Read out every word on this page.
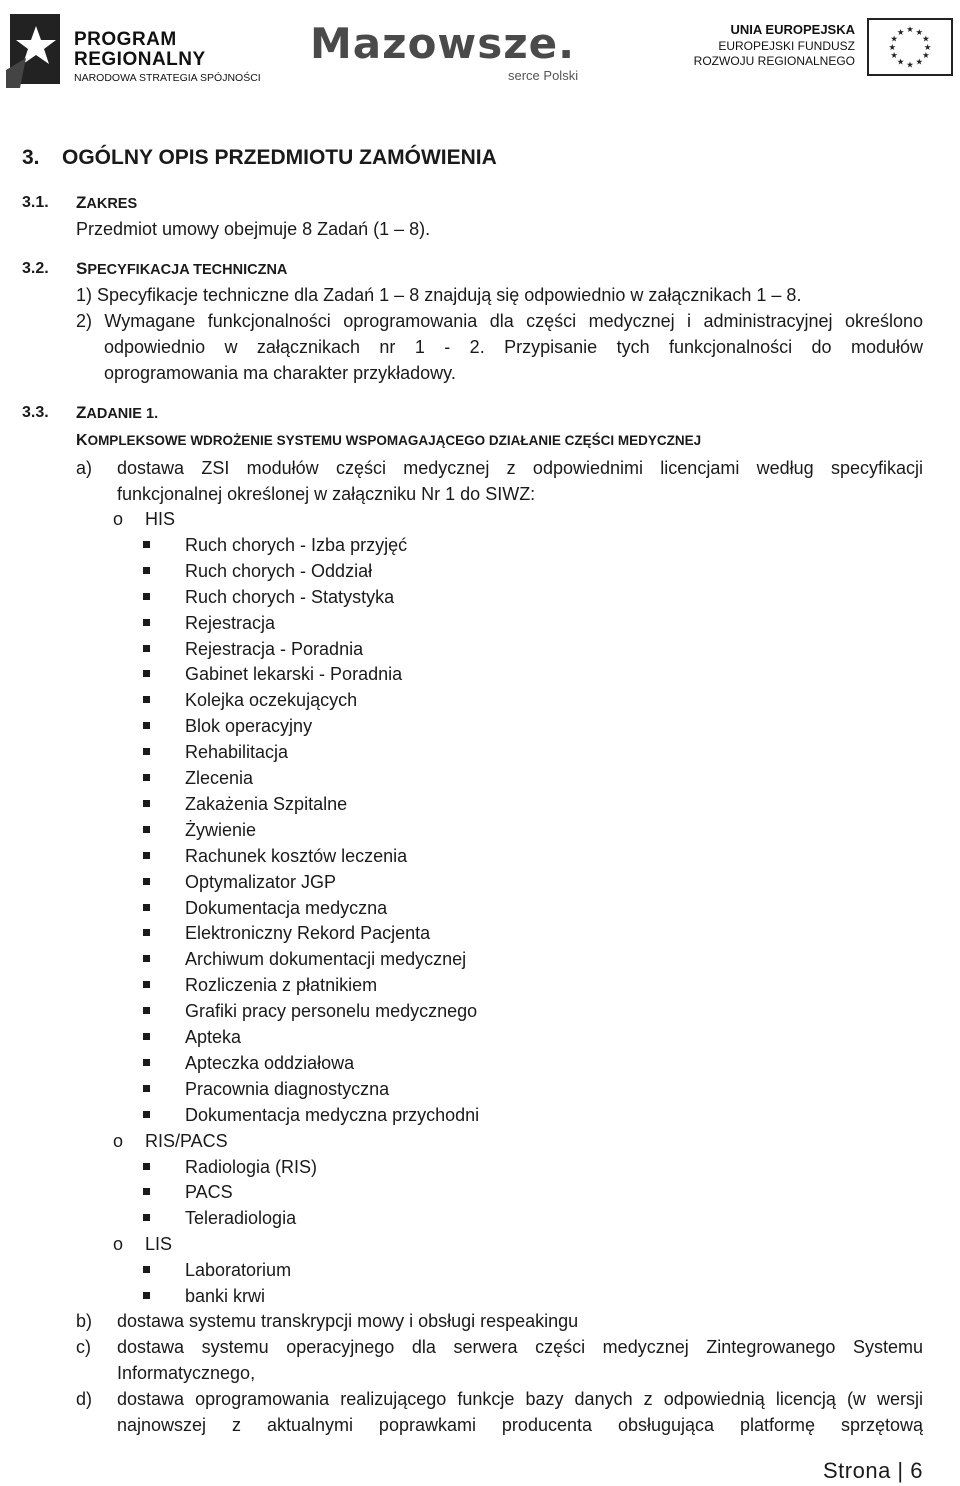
PROGRAM
REGIONALNY
NARODOWA STRATEGIA SPÓJNOŚCI
Mazowsze.
serce Polski
UNIA EUROPEJSKA
EUROPEJSKI FUNDUSZ
ROZWOJU REGIONALNEGO
★ ★
★
★
★
★
★
★
★
★
★
★
3. OGÓLNY OPIS PRZEDMIOTU ZAMÓWIENIA
3.1. ZAKRES
Przedmiot umowy obejmuje 8 Zadań (1 – 8).
3.2. SPECYFIKACJA TECHNICZNA
1) Specyfikacje techniczne dla Zadań 1 – 8 znajdują się odpowiednio w załącznikach 1 – 8.
2) Wymagane funkcjonalności oprogramowania dla części medycznej i administracyjnej określono
odpowiednio w załącznikach nr 1 - 2. Przypisanie tych funkcjonalności do modułów
oprogramowania ma charakter przykładowy.
3.3. ZADANIE 1.
KOMPLEKSOWE WDROŻENIE SYSTEMU WSPOMAGAJĄCEGO DZIAŁANIE CZĘŚCI MEDYCZNEJ
a) dostawa ZSI modułów części medycznej z odpowiednimi licencjami według specyfikacji
funkcjonalnej określonej w załączniku Nr 1 do SIWZ:
o HIS
Ruch chorych - Izba przyjęć
Ruch chorych - Oddział
Ruch chorych - Statystyka
Rejestracja
Rejestracja - Poradnia
Gabinet lekarski - Poradnia
Kolejka oczekujących
Blok operacyjny
Rehabilitacja
Zlecenia
Zakażenia Szpitalne
Żywienie
Rachunek kosztów leczenia
Optymalizator JGP
Dokumentacja medyczna
Elektroniczny Rekord Pacjenta
Archiwum dokumentacji medycznej
Rozliczenia z płatnikiem
Grafiki pracy personelu medycznego
Apteka
Apteczka oddziałowa
Pracownia diagnostyczna
Dokumentacja medyczna przychodni
o RIS/PACS
Radiologia (RIS)
PACS
Teleradiologia
o LIS
Laboratorium
banki krwi
b) dostawa systemu transkrypcji mowy i obsługi respeakingu
c) dostawa systemu operacyjnego dla serwera części medycznej Zintegrowanego Systemu
Informatycznego,
d) dostawa oprogramowania realizującego funkcje bazy danych z odpowiednią licencją (w wersji
najnowszej z aktualnymi poprawkami producenta obsługująca platformę sprzętową
Strona | 6
